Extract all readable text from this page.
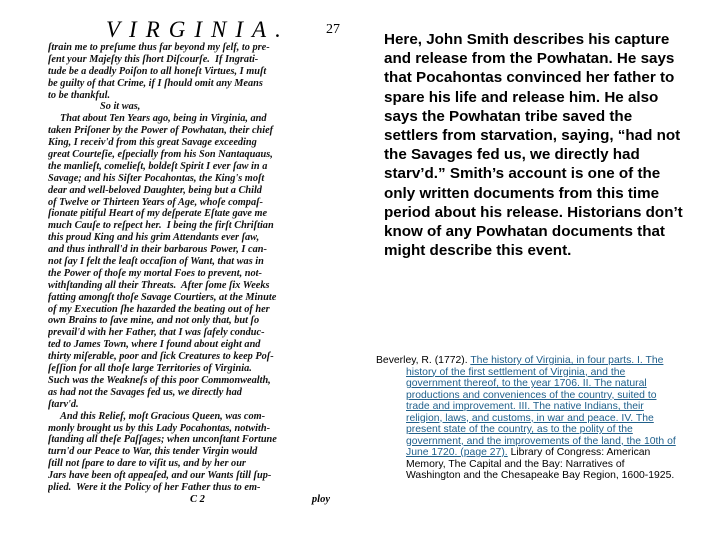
VIRGINIA.	27
ſtrain me to preſume thus far beyond my ſelf, to pre-
ſent your Majeſty this ſhort Diſcourſe.  If Ingrati-
tude be a deadly Poiſon to all honeſt Virtues, I muſt
be guilty of that Crime, if I ſhould omit any Means
to be thankful.
So it was,
That about Ten Years ago, being in Virginia, and
taken Priſoner by the Power of Powhatan, their chief
King, I receiv'd from this great Savage exceeding
great Courteſie, eſpecially from his Son Nantaquaus,
the manlieſt, comelieſt, boldeſt Spirit I ever ſaw in a
Savage; and his Siſter Pocahontas, the King's moſt
dear and well-beloved Daughter, being but a Child
of Twelve or Thirteen Years of Age, whoſe compaſ-
ſionate pitiful Heart of my deſperate Eſtate gave me
much Cauſe to reſpect her.  I being the firſt Chriſtian
this proud King and his grim Attendants ever ſaw,
and thus inthrall'd in their barbarous Power, I can-
not ſay I felt the leaſt occaſion of Want, that was in
the Power of thoſe my mortal Foes to prevent, not-
withſtanding all their Threats.  After ſome ſix Weeks
fatting amongſt thoſe Savage Courtiers, at the Minute
of my Execution ſhe hazarded the beating out of her
own Brains to ſave mine, and not only that, but ſo
prevail'd with her Father, that I was ſafely conduc-
ted to James Town, where I found about eight and
thirty miſerable, poor and ſick Creatures to keep Poſ-
ſeſſion for all thoſe large Territories of Virginia.
Such was the Weakneſs of this poor Commonwealth,
as had not the Savages fed us, we directly had
ſtarv'd.
And this Relief, moſt Gracious Queen, was com-
monly brought us by this Lady Pocahontas, notwith-
ſtanding all theſe Paſſages; when unconſtant Fortune
turn'd our Peace to War, this tender Virgin would
ſtill not ſpare to dare to viſit us, and by her our
Jars have been oft appeaſed, and our Wants ſtill ſup-
plied.  Were it the Policy of her Father thus to em-
C 2	ploy

Here, John Smith describes his capture and release from the Powhatan. He says that Pocahontas convinced her father to spare his life and release him. He also says the Powhatan tribe saved the settlers from starvation, saying, “had not the Savages fed us, we directly had starv’d.” Smith’s account is one of the only written documents from this time period about his release. Historians don’t know of any Powhatan documents that might describe this event.

Beverley, R. (1772). The history of Virginia, in four parts. I. The history of the first settlement of Virginia, and the government thereof, to the year 1706. II. The natural productions and conveniences of the country, suited to trade and improvement. III. The native Indians, their religion, laws, and customs, in war and peace. IV. The present state of the country, as to the polity of the government, and the improvements of the land, the 10th of June 1720. (page 27). Library of Congress: American Memory, The Capital and the Bay: Narratives of Washington and the Chesapeake Bay Region, 1600-1925.
